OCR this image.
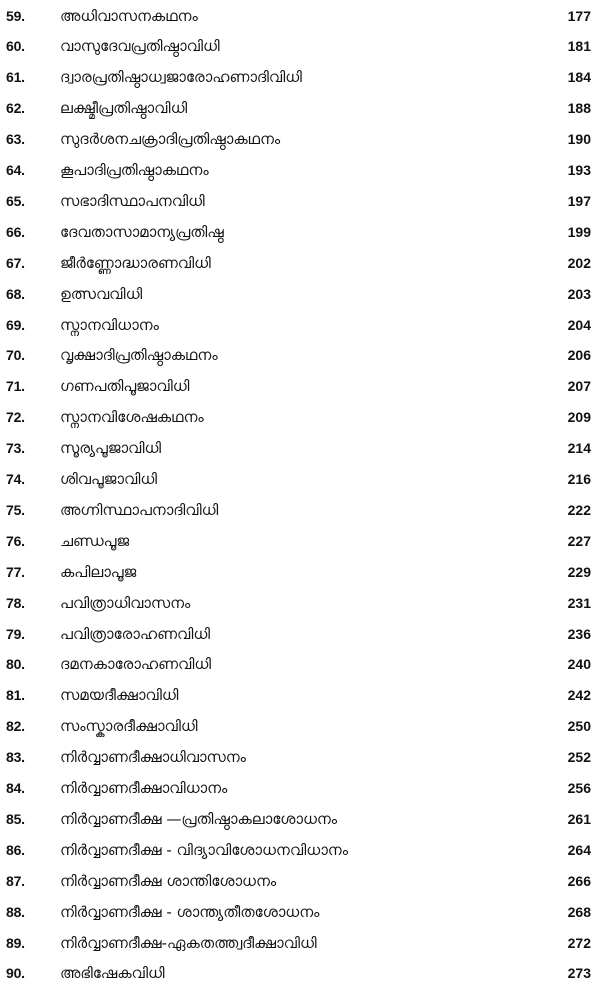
59.	അധിവാസനകഥനം	177
60.	വാസുദേവപ്രതിഷ്ഠാവിധി	181
61.	ദ്വാരപ്രതിഷ്ഠാധ്വജാരോഹണാദിവിധി	184
62.	ലക്ഷ്മീപ്രതിഷ്ഠാവിധി	188
63.	സുദർശനചക്രാദിപ്രതിഷ്ഠാകഥനം	190
64.	കൂപാദിപ്രതിഷ്ഠാകഥനം	193
65.	സഭാദിസ്ഥാപനവിധി	197
66.	ദേവതാസാമാന്യപ്രതിഷ്ഠ	199
67.	ജീർണ്ണോദ്ധാരണവിധി	202
68.	ഉത്സവവിധി	203
69.	സ്നാനവിധാനം	204
70.	വൃക്ഷാദിപ്രതിഷ്ഠാകഥനം	206
71.	ഗണപതിപൂജാവിധി	207
72.	സ്നാനവിശേഷകഥനം	209
73.	സൂര്യപൂജാവിധി	214
74.	ശിവപൂജാവിധി	216
75.	അഗ്നിസ്ഥാപനാദിവിധി	222
76.	ചണ്ഡപൂജ	227
77.	കപിലാപൂജ	229
78.	പവിത്രാധിവാസനം	231
79.	പവിത്രാരോഹണവിധി	236
80.	ദമനകാരോഹണവിധി	240
81.	സമയദീക്ഷാവിധി	242
82.	സംസ്കാരദീക്ഷാവിധി	250
83.	നിർവ്വാണദീക്ഷാധിവാസനം	252
84.	നിർവ്വാണദീക്ഷാവിധാനം	256
85.	നിർവ്വാണദീക്ഷ —പ്രതിഷ്ഠാകലാശോധനം	261
86.	നിർവ്വാണദീക്ഷ - വിദ്യാവിശോധനവിധാനം	264
87.	നിർവ്വാണദീക്ഷ ശാന്തിശോധനം	266
88.	നിർവ്വാണദീക്ഷ - ശാന്ത്യതീതശോധനം	268
89.	നിർവ്വാണദീക്ഷ-ഏകതത്ത്വദീക്ഷാവിധി	272
90.	അഭിഷേകവിധി	273
